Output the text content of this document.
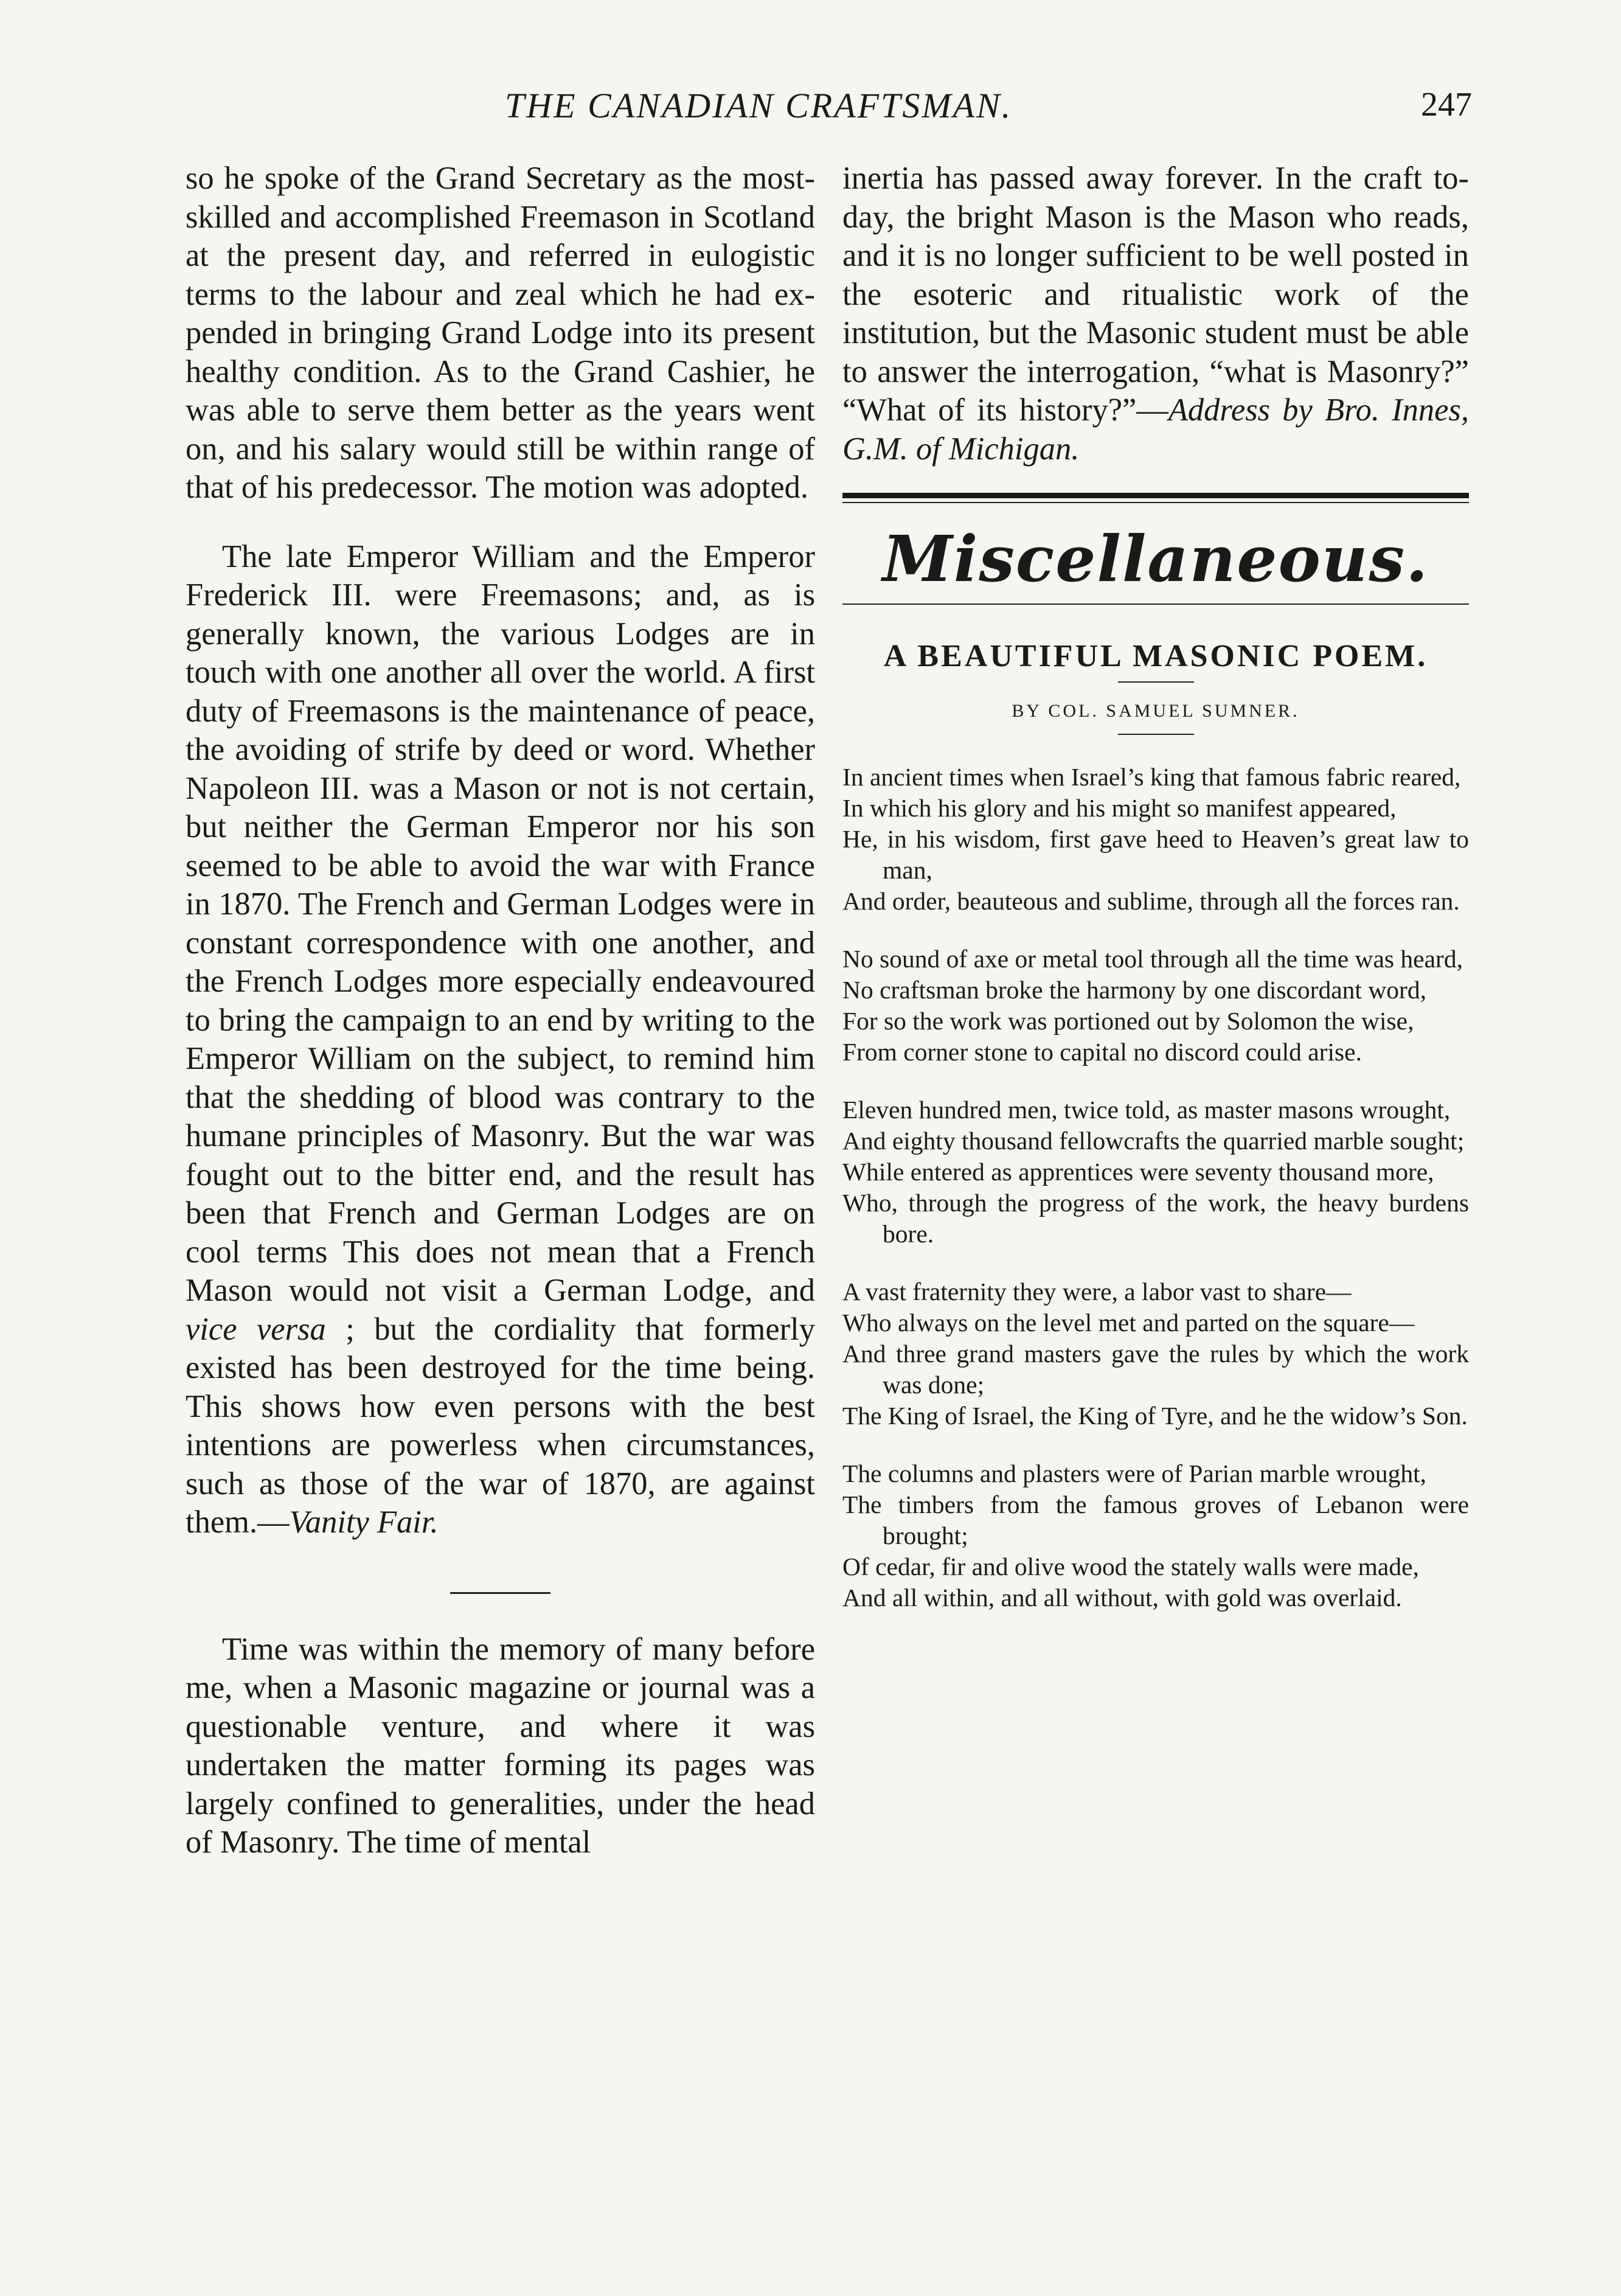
THE CANADIAN CRAFTSMAN.	247

so he spoke of the Grand Secretary as the most-skilled and accomplished Freemason in Scotland at the present day, and referred in eulogistic terms to the labour and zeal which he had expended in bringing Grand Lodge into its present healthy condition. As to the Grand Cashier, he was able to serve them better as the years went on, and his salary would still be within range of that of his predecessor. The motion was adopted.

The late Emperor William and the Emperor Frederick III. were Freemasons; and, as is generally known, the various Lodges are in touch with one another all over the world. A first duty of Freemasons is the maintenance of peace, the avoiding of strife by deed or word. Whether Napoleon III. was a Mason or not is not certain, but neither the German Emperor nor his son seemed to be able to avoid the war with France in 1870. The French and German Lodges were in constant correspondence with one another, and the French Lodges more especially endeavoured to bring the campaign to an end by writing to the Emperor William on the subject, to remind him that the shedding of blood was contrary to the humane principles of Masonry. But the war was fought out to the bitter end, and the result has been that French and German Lodges are on cool terms This does not mean that a French Mason would not visit a German Lodge, and vice versa ; but the cordiality that formerly existed has been destroyed for the time being. This shows how even persons with the best intentions are powerless when circumstances, such as those of the war of 1870, are against them.—Vanity Fair.

Time was within the memory of many before me, when a Masonic magazine or journal was a questionable venture, and where it was undertaken the matter forming its pages was largely confined to generalities, under the head of Masonry. The time of mental

inertia has passed away forever. In the craft to-day, the bright Mason is the Mason who reads, and it is no longer sufficient to be well posted in the esoteric and ritualistic work of the institution, but the Masonic student must be able to answer the interrogation, “what is Masonry?” “What of its history?”—Address by Bro. Innes, G.M. of Michigan.

Miscellaneous.
A BEAUTIFUL MASONIC POEM.
BY COL. SAMUEL SUMNER.

In ancient times when Israel’s king that famous fabric reared,

In which his glory and his might so manifest appeared,

He, in his wisdom, first gave heed to Heaven’s great law to man,

And order, beauteous and sublime, through all the forces ran.

No sound of axe or metal tool through all the time was heard,

No craftsman broke the harmony by one discordant word,

For so the work was portioned out by Solomon the wise,

From corner stone to capital no discord could arise.

Eleven hundred men, twice told, as master masons wrought,

And eighty thousand fellowcrafts the quarried marble sought;

While entered as apprentices were seventy thousand more,

Who, through the progress of the work, the heavy burdens bore.

A vast fraternity they were, a labor vast to share—

Who always on the level met and parted on the square—

And three grand masters gave the rules by which the work was done;

The King of Israel, the King of Tyre, and he the widow’s Son.

The columns and plasters were of Parian marble wrought,

The timbers from the famous groves of Lebanon were brought;

Of cedar, fir and olive wood the stately walls were made,

And all within, and all without, with gold was overlaid.
